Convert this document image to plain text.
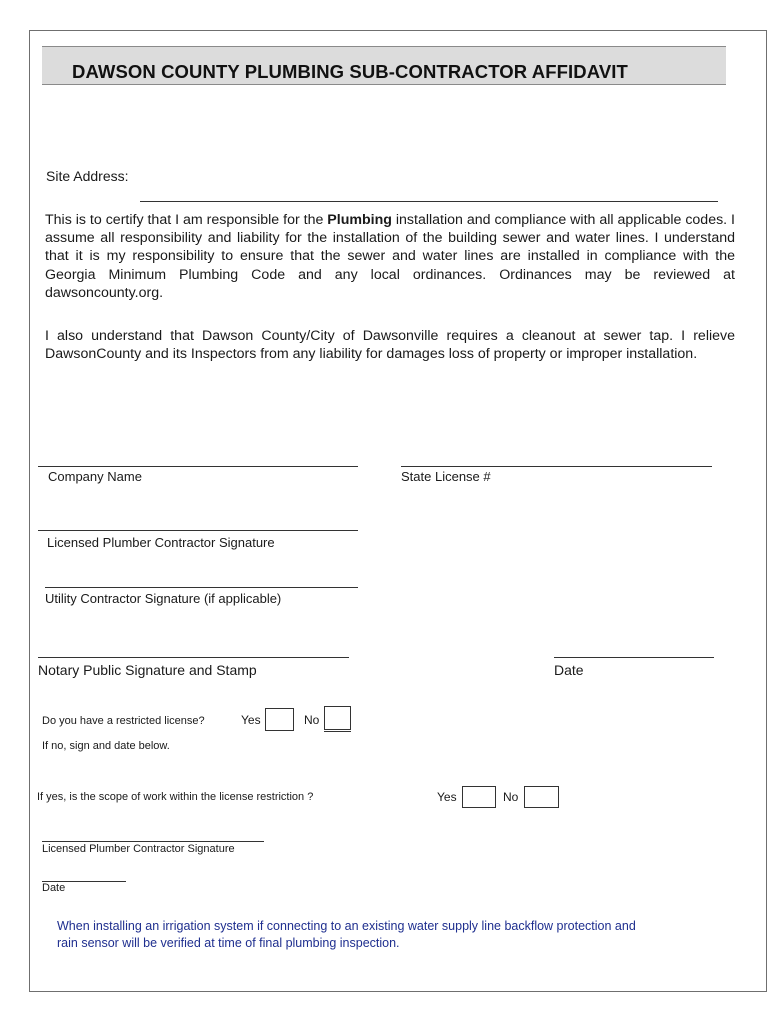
DAWSON COUNTY PLUMBING SUB-CONTRACTOR AFFIDAVIT
Site Address:
This is to certify that I am responsible for the Plumbing installation and compliance with all applicable codes. I assume all responsibility and liability for the installation of the building sewer and water lines. I understand that it is my responsibility to ensure that the sewer and water lines are installed in compliance with the Georgia Minimum Plumbing Code and any local ordinances. Ordinances may be reviewed at dawsoncounty.org.
I also understand that Dawson County/City of Dawsonville requires a cleanout at sewer tap. I relieve DawsonCounty and its Inspectors from any liability for damages loss of property or improper installation.
Company Name	State License #
Licensed Plumber Contractor Signature
Utility Contractor Signature (if applicable)
Notary Public Signature and Stamp	Date
Do you have a restricted license?	Yes	No
If no, sign and date below.
If yes, is the scope of work within the license restriction ?	Yes	No
Licensed Plumber Contractor Signature
Date
When installing an irrigation system if connecting to an existing water supply line backflow protection and rain sensor will be verified at time of final plumbing inspection.
